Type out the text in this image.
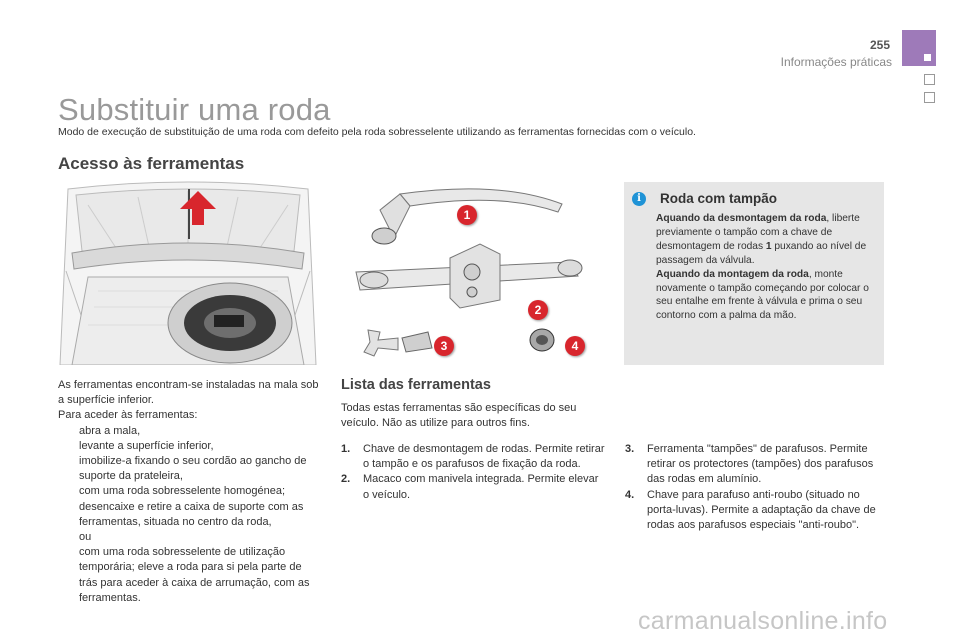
255
Informações práticas
Substituir uma roda
Modo de execução de substituição de uma roda com defeito pela roda sobresselente utilizando as ferramentas fornecidas com o veículo.
Acesso às ferramentas
1
2
3	4
i	Roda com tampão
Aquando da desmontagem da roda, liberte previamente o tampão com a chave de desmontagem de rodas 1 puxando ao nível de passagem da válvula.
Aquando da montagem da roda, monte novamente o tampão começando por colocar o seu entalhe em frente à válvula e prima o seu contorno com a palma da mão.
As ferramentas encontram-se instaladas na mala sob a superfície inferior.
Para aceder às ferramentas:
abra a mala,
levante a superfície inferior,
imobilize-a fixando o seu cordão ao gancho de suporte da prateleira,
com uma roda sobresselente homogénea; desencaixe e retire a caixa de suporte com as ferramentas, situada no centro da roda,
ou
com uma roda sobresselente de utilização temporária; eleve a roda para si pela parte de trás para aceder à caixa de arrumação, com as ferramentas.
Lista das ferramentas
Todas estas ferramentas são específicas do seu veículo. Não as utilize para outros fins.
1. Chave de desmontagem de rodas. Permite retirar o tampão e os parafusos de fixação da roda.
2. Macaco com manivela integrada. Permite elevar o veículo.
3. Ferramenta "tampões" de parafusos. Permite retirar os protectores (tampões) dos parafusos das rodas em alumínio.
4. Chave para parafuso anti-roubo (situado no porta-luvas). Permite a adaptação da chave de rodas aos parafusos especiais "anti-roubo".
carmanualsonline.info
